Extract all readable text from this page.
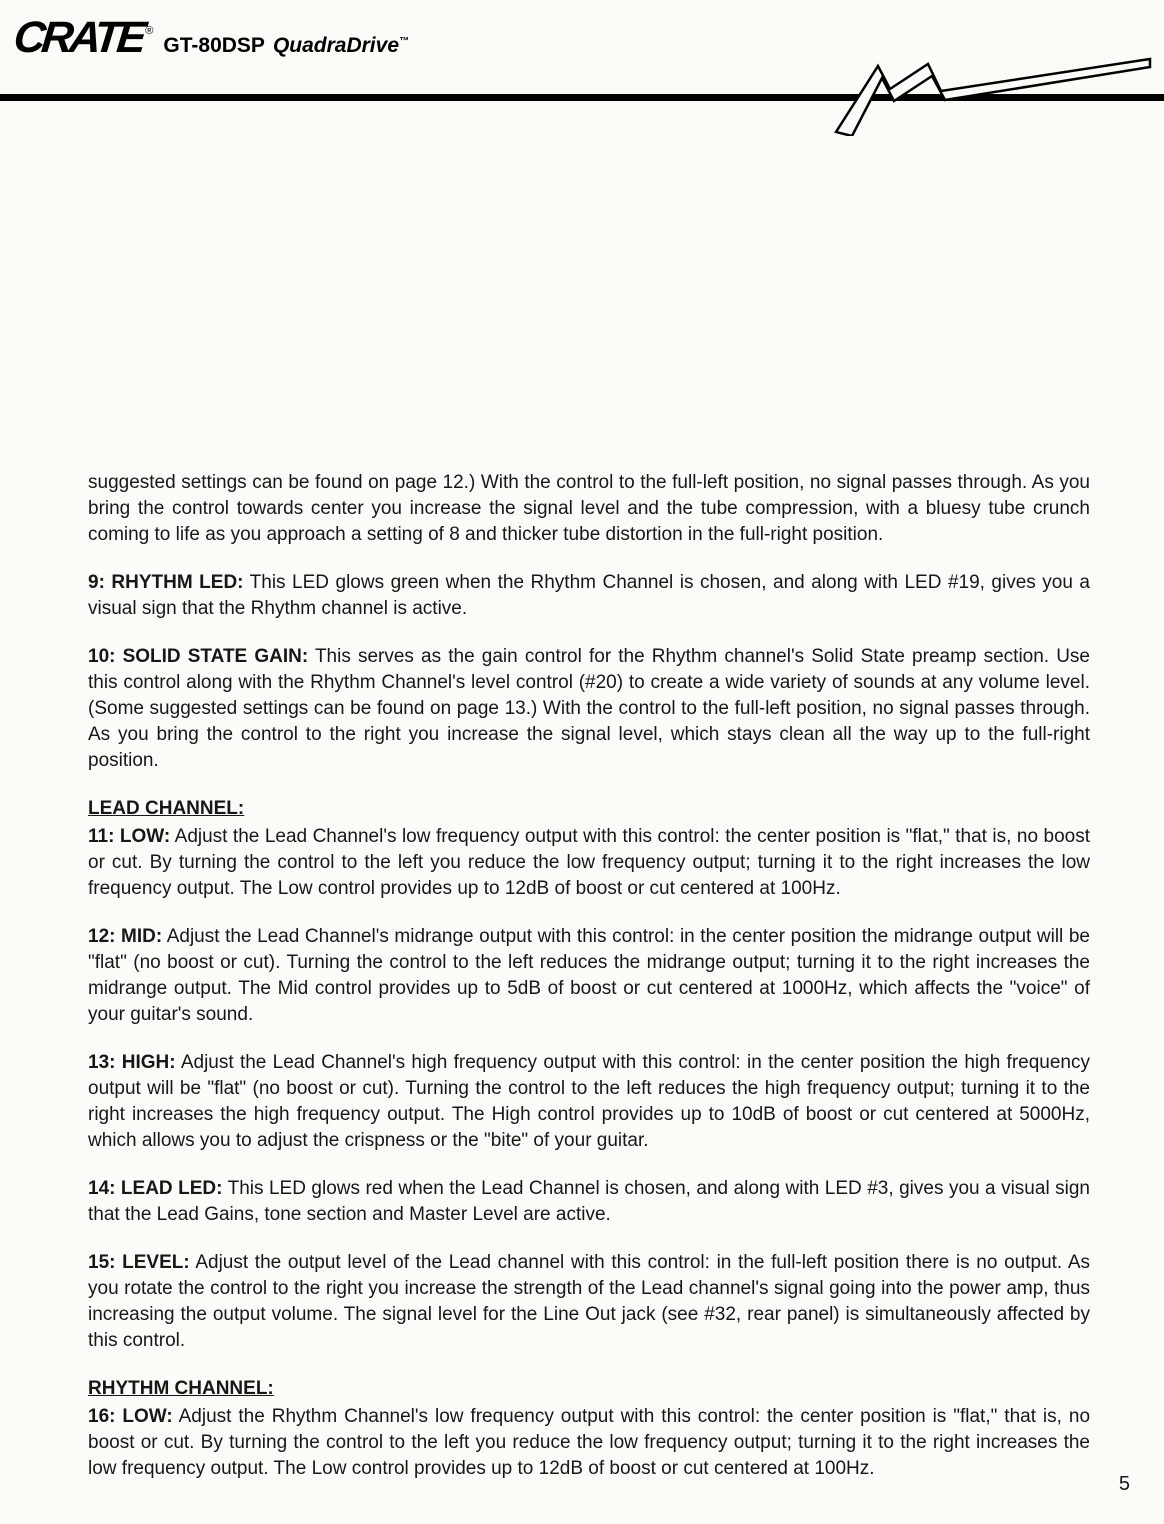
CRATE ®
GT-80DSP QuadraDrive™

suggested settings can be found on page 12.) With the control to the full-left position, no signal passes through. As you bring the control towards center you increase the signal level and the tube compression, with a bluesy tube crunch coming to life as you approach a setting of 8 and thicker tube distortion in the full-right position.

9: RHYTHM LED: This LED glows green when the Rhythm Channel is chosen, and along with LED #19, gives you a visual sign that the Rhythm channel is active.

10: SOLID STATE GAIN: This serves as the gain control for the Rhythm channel's Solid State preamp section. Use this control along with the Rhythm Channel's level control (#20) to create a wide variety of sounds at any volume level. (Some suggested settings can be found on page 13.) With the control to the full-left position, no signal passes through. As you bring the control to the right you increase the signal level, which stays clean all the way up to the full-right position.

LEAD CHANNEL:

11: LOW: Adjust the Lead Channel's low frequency output with this control: the center position is "flat," that is, no boost or cut. By turning the control to the left you reduce the low frequency output; turning it to the right increases the low frequency output. The Low control provides up to 12dB of boost or cut centered at 100Hz.

12: MID: Adjust the Lead Channel's midrange output with this control: in the center position the midrange output will be "flat" (no boost or cut). Turning the control to the left reduces the midrange output; turning it to the right increases the midrange output. The Mid control provides up to 5dB of boost or cut centered at 1000Hz, which affects the "voice" of your guitar's sound.

13: HIGH: Adjust the Lead Channel's high frequency output with this control: in the center position the high frequency output will be "flat" (no boost or cut). Turning the control to the left reduces the high frequency output; turning it to the right increases the high frequency output. The High control provides up to 10dB of boost or cut centered at 5000Hz, which allows you to adjust the crispness or the "bite" of your guitar.

14: LEAD LED: This LED glows red when the Lead Channel is chosen, and along with LED #3, gives you a visual sign that the Lead Gains, tone section and Master Level are active.

15: LEVEL: Adjust the output level of the Lead channel with this control: in the full-left position there is no output. As you rotate the control to the right you increase the strength of the Lead channel's signal going into the power amp, thus increasing the output volume. The signal level for the Line Out jack (see #32, rear panel) is simultaneously affected by this control.

RHYTHM CHANNEL:

16: LOW: Adjust the Rhythm Channel's low frequency output with this control: the center position is "flat," that is, no boost or cut. By turning the control to the left you reduce the low frequency output; turning it to the right increases the low frequency output. The Low control provides up to 12dB of boost or cut centered at 100Hz.

5
